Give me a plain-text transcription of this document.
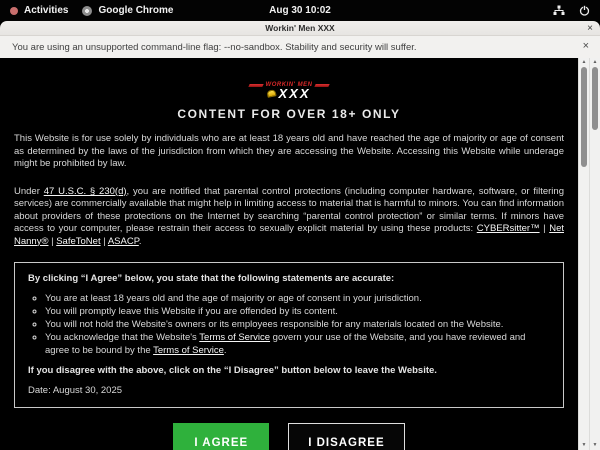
Activities	Google Chrome	Aug 30 10:02
Workin' Men XXX	×
You are using an unsupported command-line flag: --no-sandbox. Stability and security will suffer.	×
WORKIN' MEN
XXX
CONTENT FOR OVER 18+ ONLY

This Website is for use solely by individuals who are at least 18 years old and have reached the age of majority or age of consent as determined by the laws of the jurisdiction from which they are accessing the Website. Accessing this Website while underage might be prohibited by law.

Under 47 U.S.C. § 230(d), you are notified that parental control protections (including computer hardware, software, or filtering services) are commercially available that might help in limiting access to material that is harmful to minors. You can find information about providers of these protections on the Internet by searching “parental control protection” or similar terms. If minors have access to your computer, please restrain their access to sexually explicit material by using these products: CYBERsitter™ | Net Nanny® | SafeToNet | ASACP.

By clicking “I Agree” below, you state that the following statements are accurate:
◦ You are at least 18 years old and the age of majority or age of consent in your jurisdiction.
◦ You will promptly leave this Website if you are offended by its content.
◦ You will not hold the Website's owners or its employees responsible for any materials located on the Website.
◦ You acknowledge that the Website's Terms of Service govern your use of the Website, and you have reviewed and agree to be bound by the Terms of Service.
If you disagree with the above, click on the “I Disagree” button below to leave the Website.
Date: August 30, 2025
I AGREE	I DISAGREE
▲
▼
▲
▼
